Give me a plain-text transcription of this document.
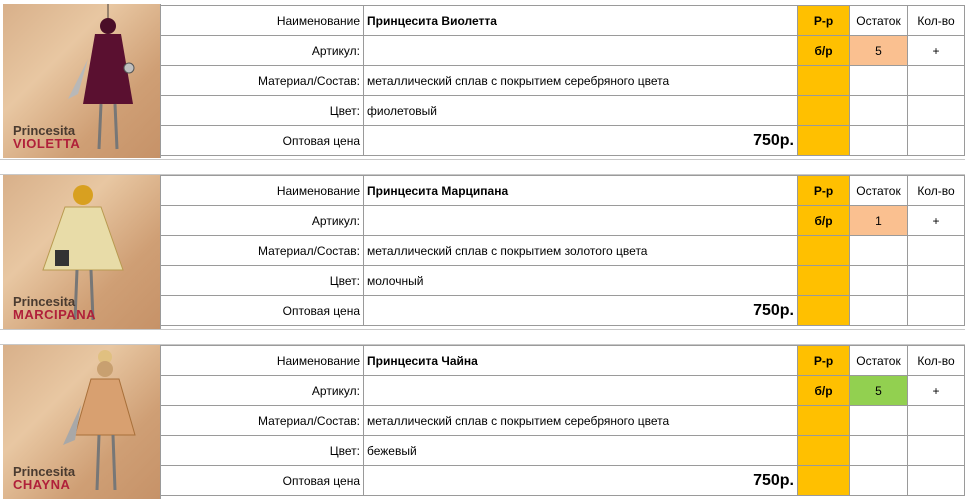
Princesita
VIOLETTA
Наименование	Принцесита Виолетта	Р-р	Остаток	Кол-во
Артикул:		б/р	5	+
Материал/Состав:	металлический сплав с покрытием серебряного цвета			
Цвет:	фиолетовый			
Оптовая цена	750р.			
Princesita
MARCIPANA
Наименование	Принцесита Марципана	Р-р	Остаток	Кол-во
Артикул:		б/р	1	+
Материал/Состав:	металлический сплав с покрытием золотого цвета			
Цвет:	молочный			
Оптовая цена	750р.			
Princesita
CHAYNA
Наименование	Принцесита Чайна	Р-р	Остаток	Кол-во
Артикул:		б/р	5	+
Материал/Состав:	металлический сплав с покрытием серебряного цвета			
Цвет:	бежевый			
Оптовая цена	750р.			
